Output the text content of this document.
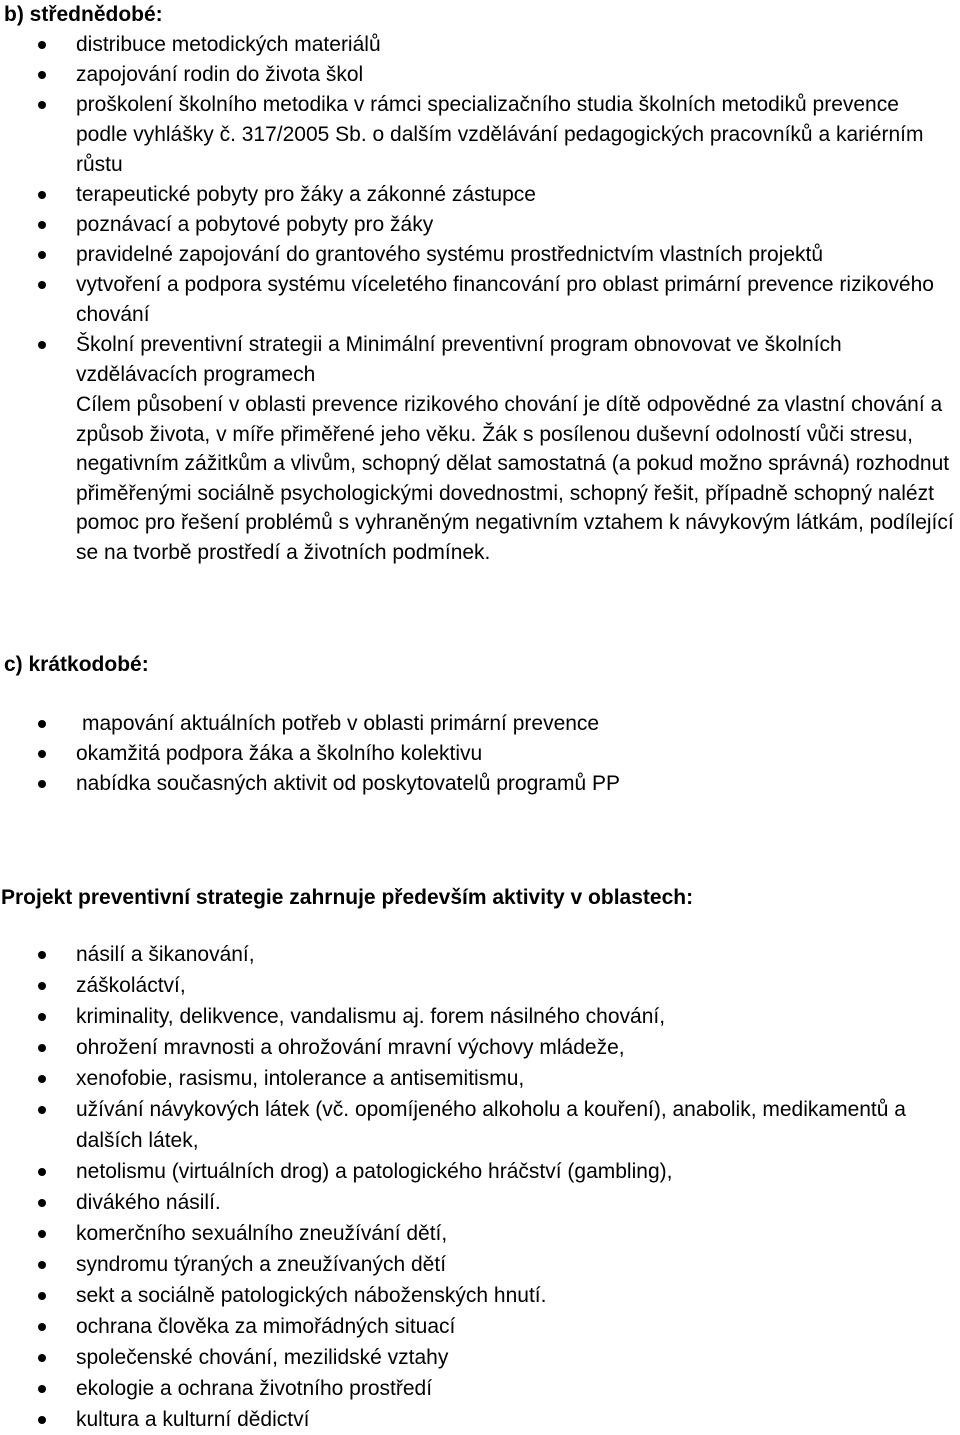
b) střednědobé:

distribuce metodických materiálů
zapojování rodin do života škol
proškolení školního metodika v rámci specializačního studia školních metodiků prevence podle vyhlášky č. 317/2005 Sb. o dalším vzdělávání pedagogických pracovníků a kariérním růstu
terapeutické pobyty pro žáky a zákonné zástupce
poznávací a pobytové pobyty pro žáky
pravidelné zapojování do grantového systému prostřednictvím vlastních projektů
vytvoření a podpora systému víceletého financování pro oblast primární prevence rizikového chování
Školní preventivní strategii a Minimální preventivní program obnovovat ve školních vzdělávacích programech
Cílem působení v oblasti prevence rizikového chování je dítě odpovědné za vlastní chování a způsob života, v míře přiměřené jeho věku. Žák s posílenou duševní odolností vůči stresu, negativním zážitkům a vlivům, schopný dělat samostatná (a pokud možno správná) rozhodnut přiměřenými sociálně psychologickými dovednostmi, schopný řešit, případně schopný nalézt pomoc pro řešení problémů s vyhraněným negativním vztahem k návykovým látkám, podílející se na tvorbě prostředí a životních podmínek.

c) krátkodobé:

mapování aktuálních potřeb v oblasti primární prevence
okamžitá podpora žáka a školního kolektivu
nabídka současných aktivit od poskytovatelů programů PP

Projekt preventivní strategie zahrnuje především aktivity v oblastech:

násilí a šikanování,
záškoláctví,
kriminality, delikvence, vandalismu aj. forem násilného chování,
ohrožení mravnosti a ohrožování mravní výchovy mládeže,
xenofobie, rasismu, intolerance a antisemitismu,
užívání návykových látek (vč. opomíjeného alkoholu a kouření), anabolik, medikamentů a dalších látek,
netolismu (virtuálních drog) a patologického hráčství (gambling),
divákého násilí.
komerčního sexuálního zneužívání dětí,
syndromu týraných a zneužívaných dětí
sekt a sociálně patologických náboženských hnutí.
ochrana člověka za mimořádných situací
společenské chování, mezilidské vztahy
ekologie a ochrana životního prostředí
kultura a kulturní dědictví
